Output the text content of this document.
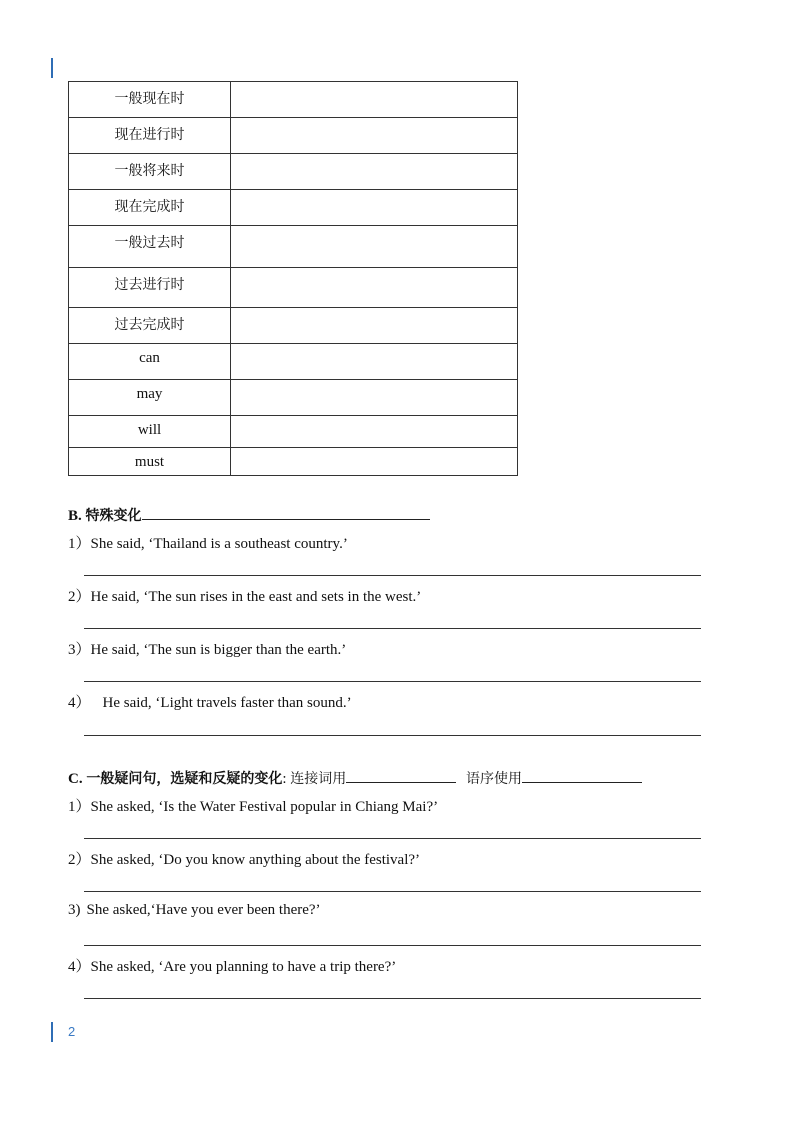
一般现在时	
现在进行时	
一般将来时	
现在完成时	
一般过去时	
过去进行时	
过去完成时	
can	
may	
will	
must	
B. 特殊变化
1）She said, ‘Thailand is a southeast country.’
2）He said, ‘The sun rises in the east and sets in the west.’
3）He said, ‘The sun is bigger than the earth.’
4） He said, ‘Light travels faster than sound.’
C. 一般疑问句，选疑和反疑的变化: 连接词用	语序使用
1）She asked, ‘Is the Water Festival popular in Chiang Mai?’
2）She asked, ‘Do you know anything about the festival?’
3) She asked,‘Have you ever been there?’
4）She asked, ‘Are you planning to have a trip there?’
2
